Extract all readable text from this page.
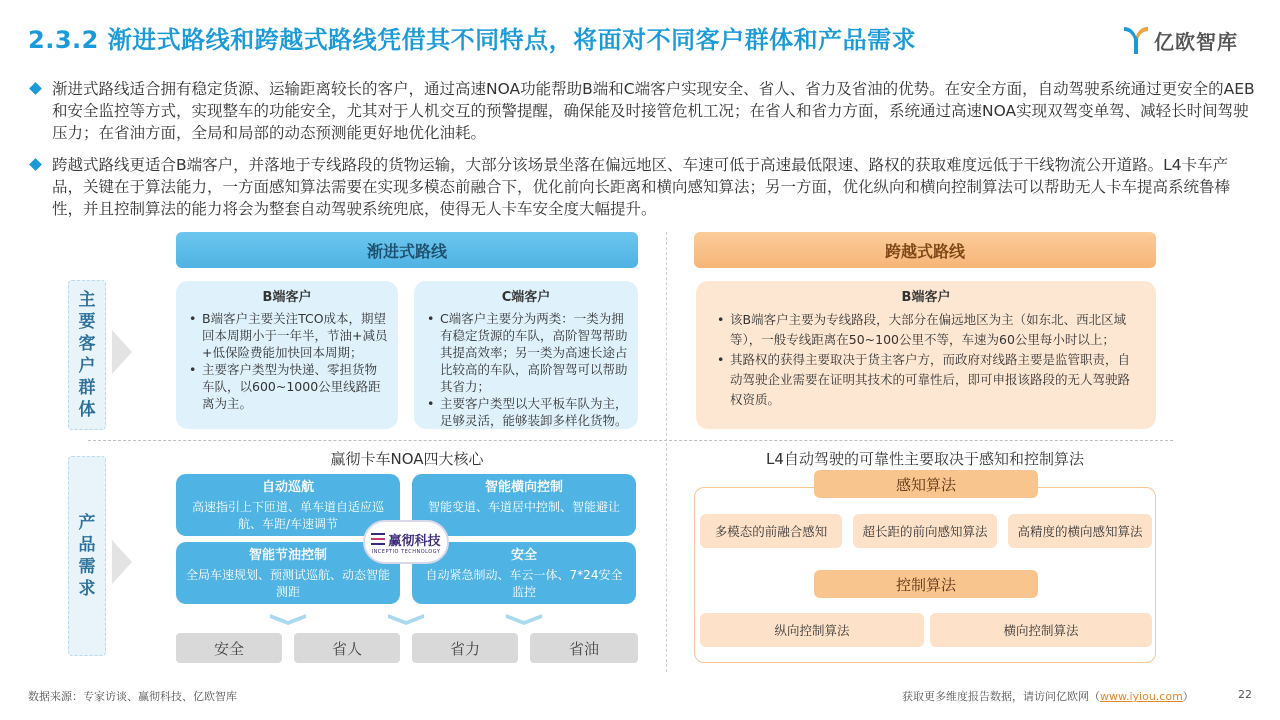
2.3.2 渐进式路线和跨越式路线凭借其不同特点，将面对不同客户群体和产品需求	亿欧智库
渐进式路线适合拥有稳定货源、运输距离较长的客户，通过高速NOA功能帮助B端和C端客户实现安全、省人、省力及省油的优势。在安全方面，自动驾驶系统通过更安全的AEB和安全监控等方式，实现整车的功能安全，尤其对于人机交互的预警提醒，确保能及时接管危机工况；在省人和省力方面，系统通过高速NOA实现双驾变单驾、减轻长时间驾驶压力；在省油方面，全局和局部的动态预测能更好地优化油耗。
跨越式路线更适合B端客户，并落地于专线路段的货物运输，大部分该场景坐落在偏远地区、车速可低于高速最低限速、路权的获取难度远低于干线物流公开道路。L4卡车产品，关键在于算法能力，一方面感知算法需要在实现多模态前融合下，优化前向长距离和横向感知算法；另一方面，优化纵向和横向控制算法可以帮助无人卡车提高系统鲁棒性，并且控制算法的能力将会为整套自动驾驶系统兜底，使得无人卡车安全度大幅提升。
主
要
客
户
群
体
产
品
需
求
渐进式路线
B端客户
• B端客户主要关注TCO成本，期望回本周期小于一年半，节油+减员+低保险费能加快回本周期；
• 主要客户类型为快递、零担货物车队，以600~1000公里线路距离为主。
C端客户
• C端客户主要分为两类：一类为拥有稳定货源的车队，高阶智驾帮助其提高效率；另一类为高速长途占比较高的车队，高阶智驾可以帮助其省力；
• 主要客户类型以大平板车队为主，足够灵活，能够装卸多样化货物。
赢彻卡车NOA四大核心
自动巡航
高速指引上下匝道、单车道自适应巡航、车距/车速调节
智能横向控制
智能变道、车道居中控制、智能避让
智能节油控制
全局车速规划、预测试巡航、动态智能测距
安全
自动紧急制动、车云一体、7*24安全监控
赢彻科技
INCEPTIO TECHNOLOGY
安全	省人	省力	省油
跨越式路线
B端客户
• 该B端客户主要为专线路段，大部分在偏远地区为主（如东北、西北区域等），一般专线距离在50~100公里不等，车速为60公里每小时以上；
• 其路权的获得主要取决于货主客户方，而政府对线路主要是监管职责，自动驾驶企业需要在证明其技术的可靠性后，即可申报该路段的无人驾驶路权资质。
L4自动驾驶的可靠性主要取决于感知和控制算法
感知算法
多模态的前融合感知	超长距的前向感知算法	高精度的横向感知算法
控制算法
纵向控制算法	横向控制算法
数据来源：专家访谈、赢彻科技、亿欧智库	获取更多维度报告数据，请访问亿欧网（www.iyiou.com）	22
